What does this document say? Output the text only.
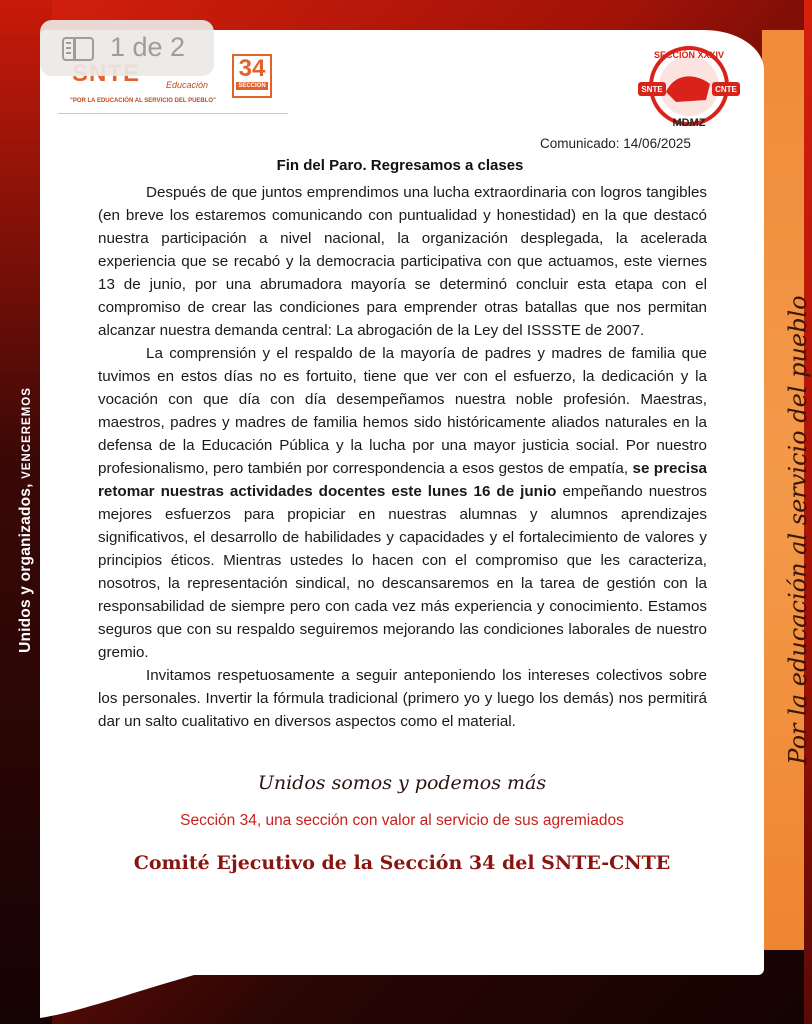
Unidos y organizados, VENCEREMOS	Por la educación al servicio del pueblo
Educación
"POR LA EDUCACIÓN AL SERVICIO DEL PUEBLO"
34
SECCIÓN
1 de 2	SECCIÓN XXXIV
SNTE	CNTE
MDMZ
Comunicado: 14/06/2025
Fin del Paro. Regresamos a clases

Después de que juntos emprendimos una lucha extraordinaria con logros tangibles (en breve los estaremos comunicando con puntualidad y honestidad) en la que destacó nuestra participación a nivel nacional, la organización desplegada, la acelerada experiencia que se recabó y la democracia participativa con que actuamos, este viernes 13 de junio, por una abrumadora mayoría se determinó concluir esta etapa con el compromiso de crear las condiciones para emprender otras batallas que nos permitan alcanzar nuestra demanda central: La abrogación de la Ley del ISSSTE de 2007.

La comprensión y el respaldo de la mayoría de padres y madres de familia que tuvimos en estos días no es fortuito, tiene que ver con el esfuerzo, la dedicación y la vocación con que día con día desempeñamos nuestra noble profesión. Maestras, maestros, padres y madres de familia hemos sido históricamente aliados naturales en la defensa de la Educación Pública y la lucha por una mayor justicia social. Por nuestro profesionalismo, pero también por correspondencia a esos gestos de empatía, se precisa retomar nuestras actividades docentes este lunes 16 de junio empeñando nuestros mejores esfuerzos para propiciar en nuestras alumnas y alumnos aprendizajes significativos, el desarrollo de habilidades y capacidades y el fortalecimiento de valores y principios éticos. Mientras ustedes lo hacen con el compromiso que les caracteriza, nosotros, la representación sindical, no descansaremos en la tarea de gestión con la responsabilidad de siempre pero con cada vez más experiencia y conocimiento. Estamos seguros que con su respaldo seguiremos mejorando las condiciones laborales de nuestro gremio.

Invitamos respetuosamente a seguir anteponiendo los intereses colectivos sobre los personales. Invertir la fórmula tradicional (primero yo y luego los demás) nos permitirá dar un salto cualitativo en diversos aspectos como el material.

Unidos somos y podemos más
Sección 34, una sección con valor al servicio de sus agremiados
Comité Ejecutivo de la Sección 34 del SNTE-CNTE
